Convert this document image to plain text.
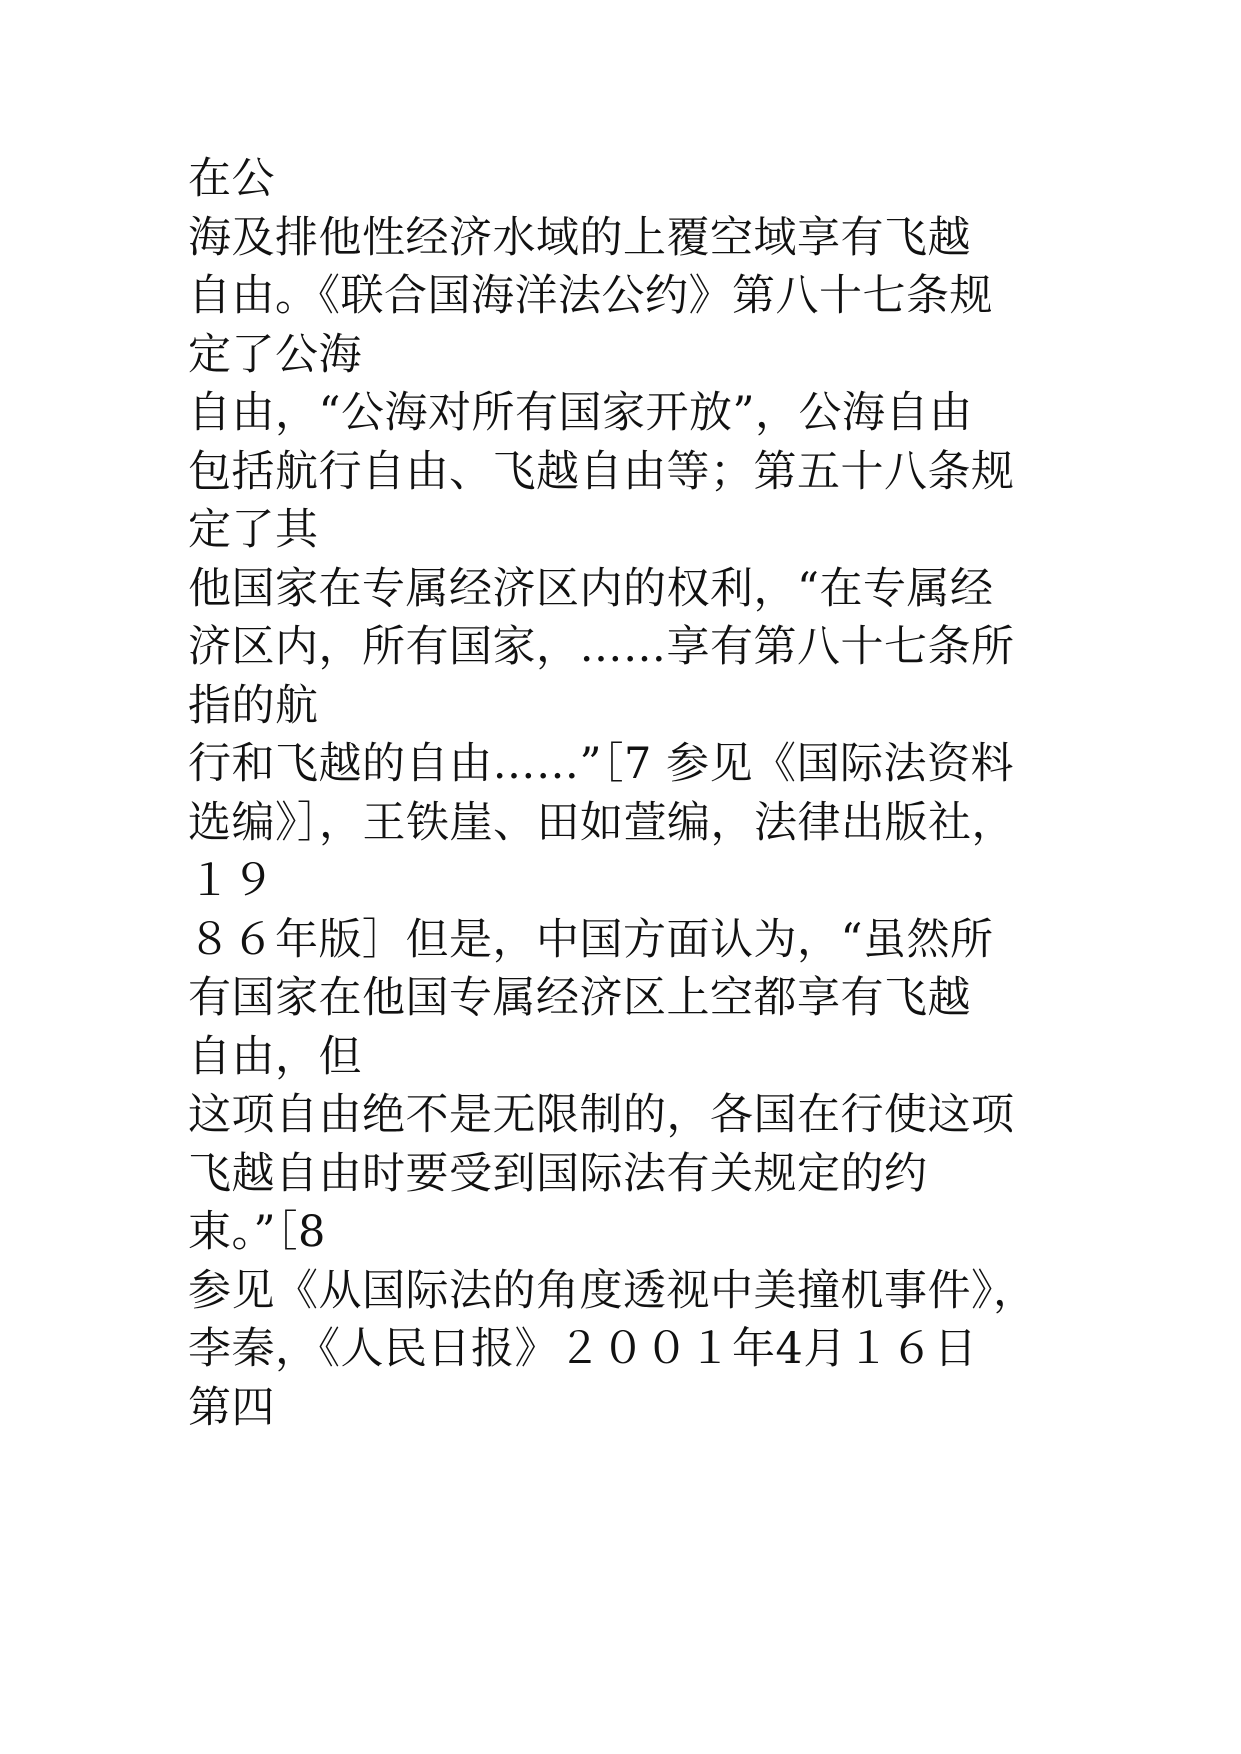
在公
海及排他性经济水域的上覆空域享有飞越
自由。《联合国海洋法公约》第八十七条规
定了公海
自由，“公海对所有国家开放”，公海自由
包括航行自由、飞越自由等；第五十八条规
定了其
他国家在专属经济区内的权利，“在专属经
济区内，所有国家，……享有第八十七条所
指的航
行和飞越的自由……”［7 参见《国际法资料
选编》］，王铁崖、田如萱编，法律出版社，
１９
８６年版］但是，中国方面认为，“虽然所
有国家在他国专属经济区上空都享有飞越
自由，但
这项自由绝不是无限制的，各国在行使这项
飞越自由时要受到国际法有关规定的约
束。”［8
参见《从国际法的角度透视中美撞机事件》，
李秦，《人民日报》２００１年4月１６日
第四
